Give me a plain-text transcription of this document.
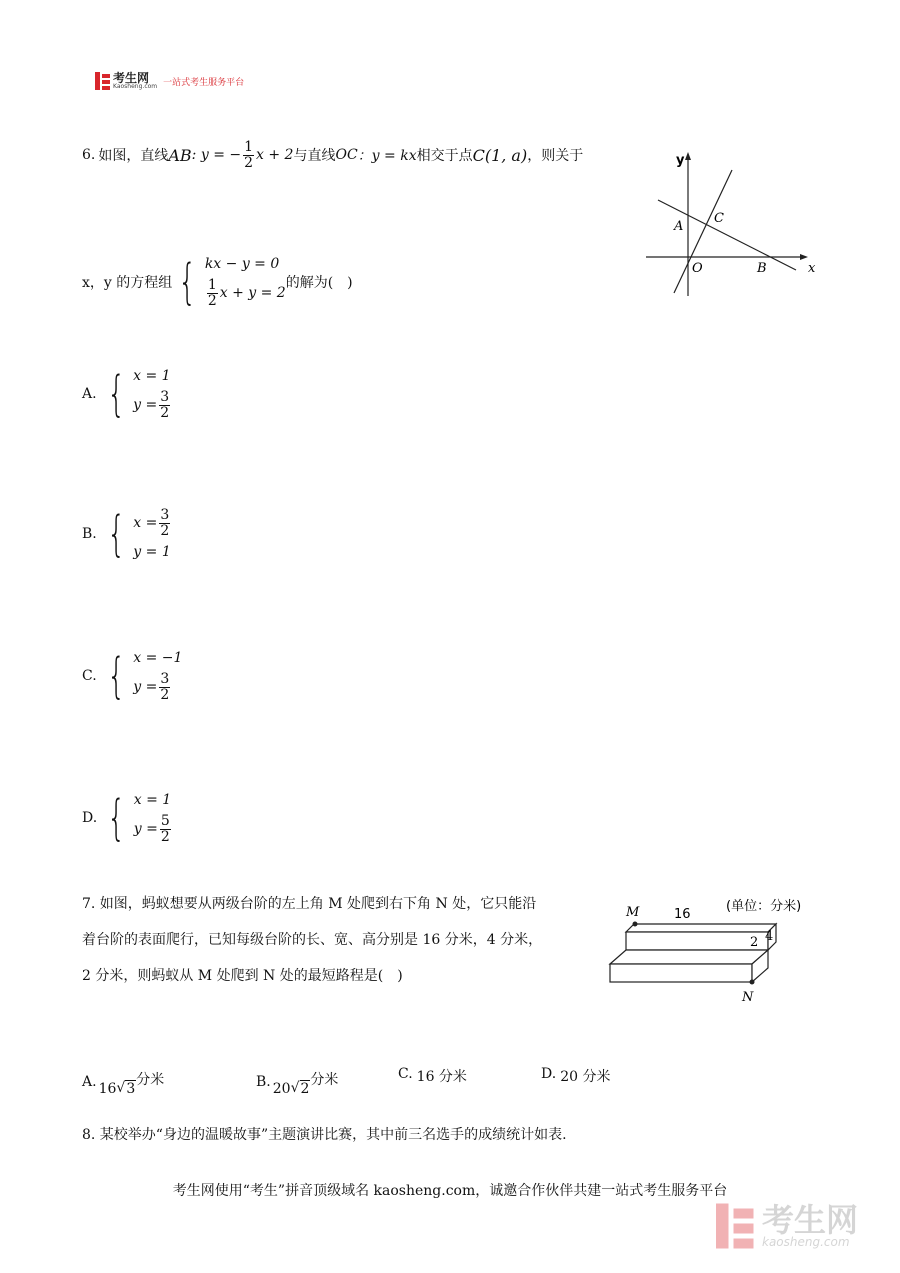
考生网
Kaosheng.com 一站式考生服务平台
6. 如图，直线 AB : y = − $\frac{1}{2}$ x + 2 与直线 OC ：y = kx 相交于点 C(1, a) ，则关于	y
x
A
C
O	B
x，y 的方程组 { kx − y = 0
$\frac{1}{2}$ x + y = 2
的解为(　)
A. { x = 1
$y = \frac{3}{2}$
B. { $x = \frac{3}{2}$
y = 1
C. { x = −1
$y = \frac{3}{2}$
D. { x = 1
$y = \frac{5}{2}$
7. 如图，蚂蚁想要从两级台阶的左上角 M 处爬到右下角 N 处，它只能沿
着台阶的表面爬行，已知每级台阶的长、宽、高分别是 16 分米，4 分米，
2 分米，则蚂蚁从 M 处爬到 N 处的最短路程是(　)
(单位：分米)
M	16
2 4
N
A. 16 √ 3
分米	B. 20 √ 2
分米	C. 16 分米	D. 20 分米
8. 某校举办“身边的温暖故事”主题演讲比赛，其中前三名选手的成绩统计如表.
考生网使用“考生”拼音顶级域名 kaosheng.com，诚邀合作伙伴共建一站式考生服务平台
考生网
kaosheng.com
